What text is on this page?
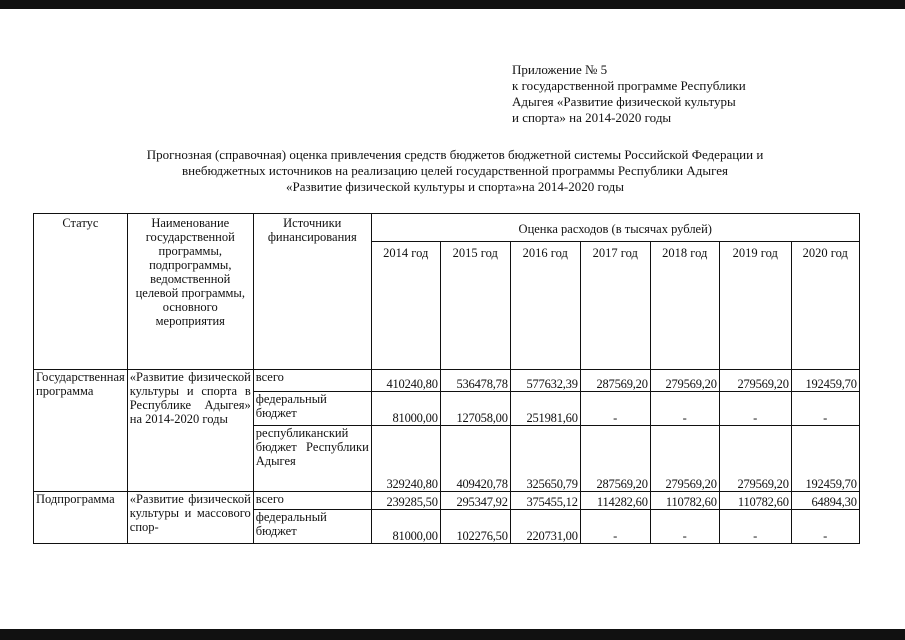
Приложение № 5
к государственной программе Республики
Адыгея «Развитие физической культуры
и спорта» на 2014-2020 годы
Прогнозная (справочная) оценка привлечения средств бюджетов бюджетной системы Российской Федерации и
внебюджетных источников на реализацию целей государственной программы Республики Адыгея
«Развитие физической культуры и спорта»на 2014-2020 годы
Статус	Наименование государственной программы, подпрограммы, ведомственной целевой программы, основного мероприятия	Источники финансирования	Оценка расходов (в тысячах рублей)						
			2014 год	2015 год	2016 год	2017 год	2018 год	2019 год	2020 год
Государственная программа	«Развитие физической культуры и спорта в Республике Адыгея» на 2014-2020 годы	всего	410240,80	536478,78	577632,39	287569,20	279569,20	279569,20	192459,70
		федеральный бюджет	81000,00	127058,00	251981,60	-	-	-	-
		республиканский бюджет Республики Адыгея	329240,80	409420,78	325650,79	287569,20	279569,20	279569,20	192459,70
Подпрограмма	«Развитие физической культуры и массового спор-	всего	239285,50	295347,92	375455,12	114282,60	110782,60	110782,60	64894,30
		федеральный бюджет	81000,00	102276,50	220731,00	-	-	-	-
